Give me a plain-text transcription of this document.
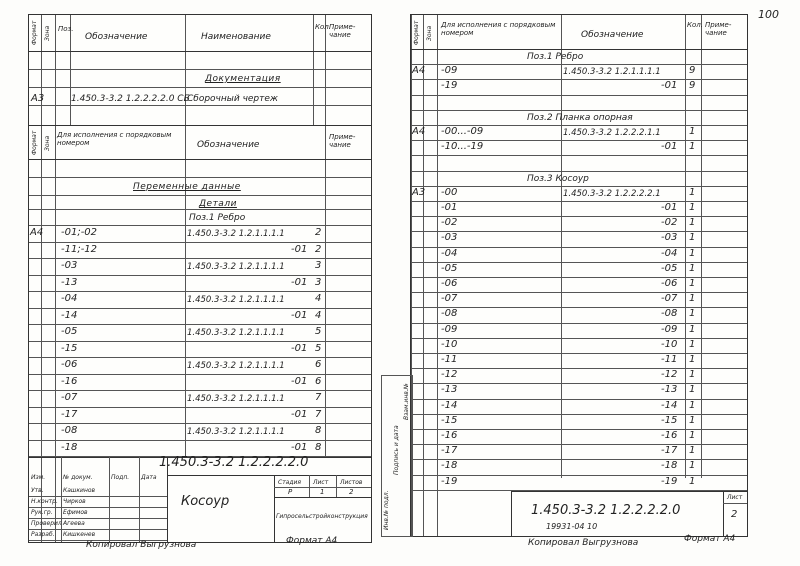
100
Формат Зона Поз.
Обозначение	Наименование
Кол.
Приме-чание
Документация
А3	1.450.3-3.2 1.2.2.2.2.0 СБ
Сборочный чертеж
Формат Зона
Для исполнения с порядковым номером	Обозначение
Приме-чание
Переменные данные
Детали
Поз.1 Ребро
А4 -01;-02	1.450.3-3.2 1.2.1.1.1.1	2
-11;-12	-01 2
-03	1.450.3-3.2 1.2.1.1.1.1	3
-13	-01 3
-04	1.450.3-3.2 1.2.1.1.1.1	4
-14	-01 4
-05	1.450.3-3.2 1.2.1.1.1.1	5
-15	-01 5
-06	1.450.3-3.2 1.2.1.1.1.1	6
-16	-01 6
-07	1.450.3-3.2 1.2.1.1.1.1	7
-17	-01 7
-08	1.450.3-3.2 1.2.1.1.1.1	8
-18	-01 8
1.450.3-3.2 1.2.2.2.2.0
Косоур
Стадия Лист Листов
Р	1	2
Гипросельстройконструкция
Утв.	Кашкинов
Н.контр. Чирков
Рук.гр. Ефимов
Проверил Агеева
Разраб. Кишкенев
Изм.	№ докум.	Подп. Дата
Копировал Выгрузнова	Формат А4
Формат Зона
Для исполнения с порядковым номером	Обозначение
Кол. Приме-чание
Поз.1 Ребро
А4 -09	1.450.3-3.2 1.2.1.1.1.1	9
-19	-01 9
Поз.2 Планка опорная
А4 -00...-09	1.450.3-3.2 1.2.2.2.1.1	1
-10...-19	-01 1
Поз.3 Косоур
А3 -00	1.450.3-3.2 1.2.2.2.2.1	1
-01	-01 1
-02	-02 1
-03	-03 1
-04	-04 1
-05	-05 1
-06	-06 1
-07	-07 1
-08	-08 1
-09	-09 1
-10	-10 1
-11	-11 1
-12	-12 1
-13	-13 1
-14	-14 1
-15	-15 1
-16	-16 1
-17	-17 1
-18	-18 1
-19	-19 1
Инв.№ подл.
Подпись и дата
Взам.инв.№
1.450.3-3.2 1.2.2.2.2.0
Лист
2
19931-04 10
Копировал Выгрузнова	Формат А4
